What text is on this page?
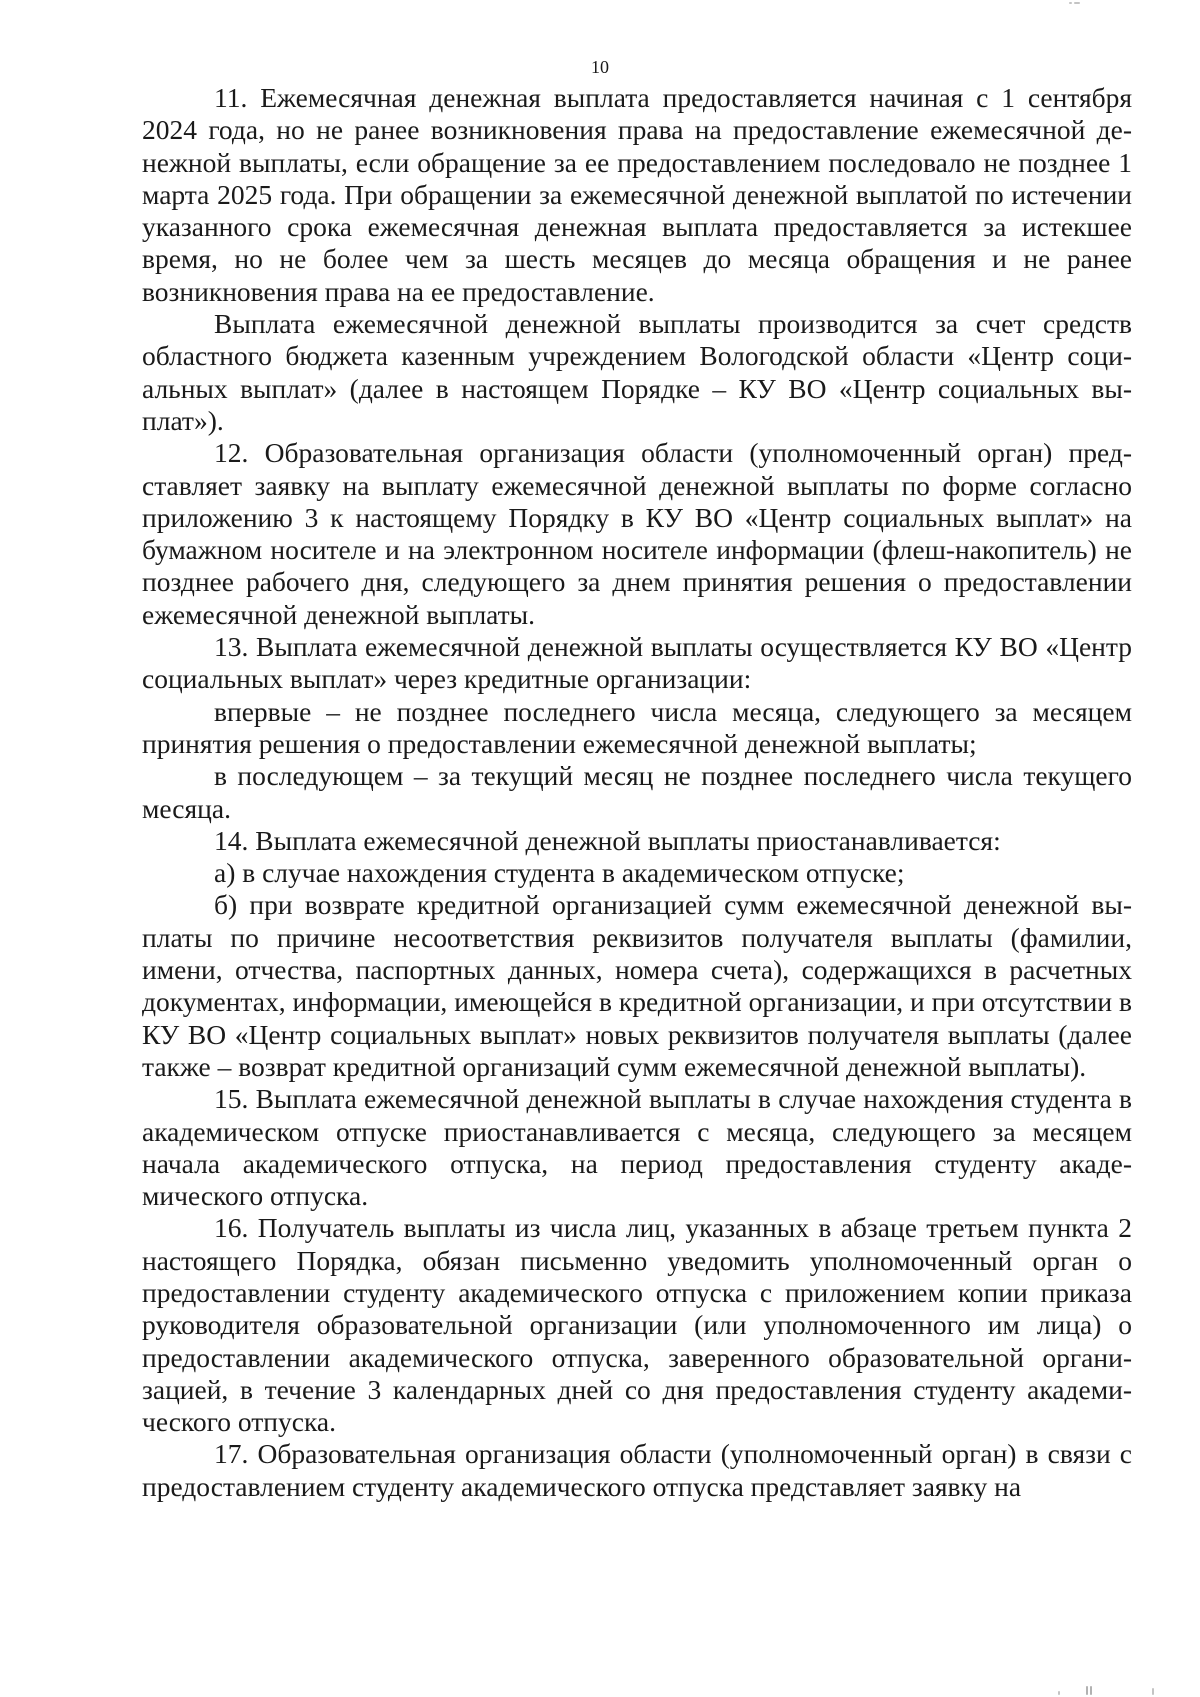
10

11. Ежемесячная денежная выплата предоставляется начиная с 1 сентября 2024 года, но не ранее возникновения права на предоставление ежемесячной денежной выплаты, если обращение за ее предоставлением последовало не позднее 1 марта 2025 года. При обращении за ежемесячной денежной выплатой по истечении указанного срока ежемесячная денежная выплата предоставляется за истекшее время, но не более чем за шесть месяцев до месяца обращения и не ранее возникновения права на ее предоставление.

Выплата ежемесячной денежной выплаты производится за счет средств областного бюджета казенным учреждением Вологодской области «Центр социальных выплат» (далее в настоящем Порядке – КУ ВО «Центр социальных выплат»).

12. Образовательная организация области (уполномоченный орган) представляет заявку на выплату ежемесячной денежной выплаты по форме согласно приложению 3 к настоящему Порядку в КУ ВО «Центр социальных выплат» на бумажном носителе и на электронном носителе информации (флеш-накопитель) не позднее рабочего дня, следующего за днем принятия решения о предоставлении ежемесячной денежной выплаты.

13. Выплата ежемесячной денежной выплаты осуществляется КУ ВО «Центр социальных выплат» через кредитные организации:

впервые – не позднее последнего числа месяца, следующего за месяцем принятия решения о предоставлении ежемесячной денежной выплаты;

в последующем – за текущий месяц не позднее последнего числа текущего месяца.

14. Выплата ежемесячной денежной выплаты приостанавливается:

а) в случае нахождения студента в академическом отпуске;

б) при возврате кредитной организацией сумм ежемесячной денежной выплаты по причине несоответствия реквизитов получателя выплаты (фамилии, имени, отчества, паспортных данных, номера счета), содержащихся в расчетных документах, информации, имеющейся в кредитной организации, и при отсутствии в КУ ВО «Центр социальных выплат» новых реквизитов получателя выплаты (далее также – возврат кредитной организаций сумм ежемесячной денежной выплаты).

15. Выплата ежемесячной денежной выплаты в случае нахождения студента в академическом отпуске приостанавливается с месяца, следующего за месяцем начала академического отпуска, на период предоставления студенту академического отпуска.

16. Получатель выплаты из числа лиц, указанных в абзаце третьем пункта 2 настоящего Порядка, обязан письменно уведомить уполномоченный орган о предоставлении студенту академического отпуска с приложением копии приказа руководителя образовательной организации (или уполномоченного им лица) о предоставлении академического отпуска, заверенного образовательной организацией, в течение 3 календарных дней со дня предоставления студенту академического отпуска.

17. Образовательная организация области (уполномоченный орган) в связи с предоставлением студенту академического отпуска представляет заявку на
